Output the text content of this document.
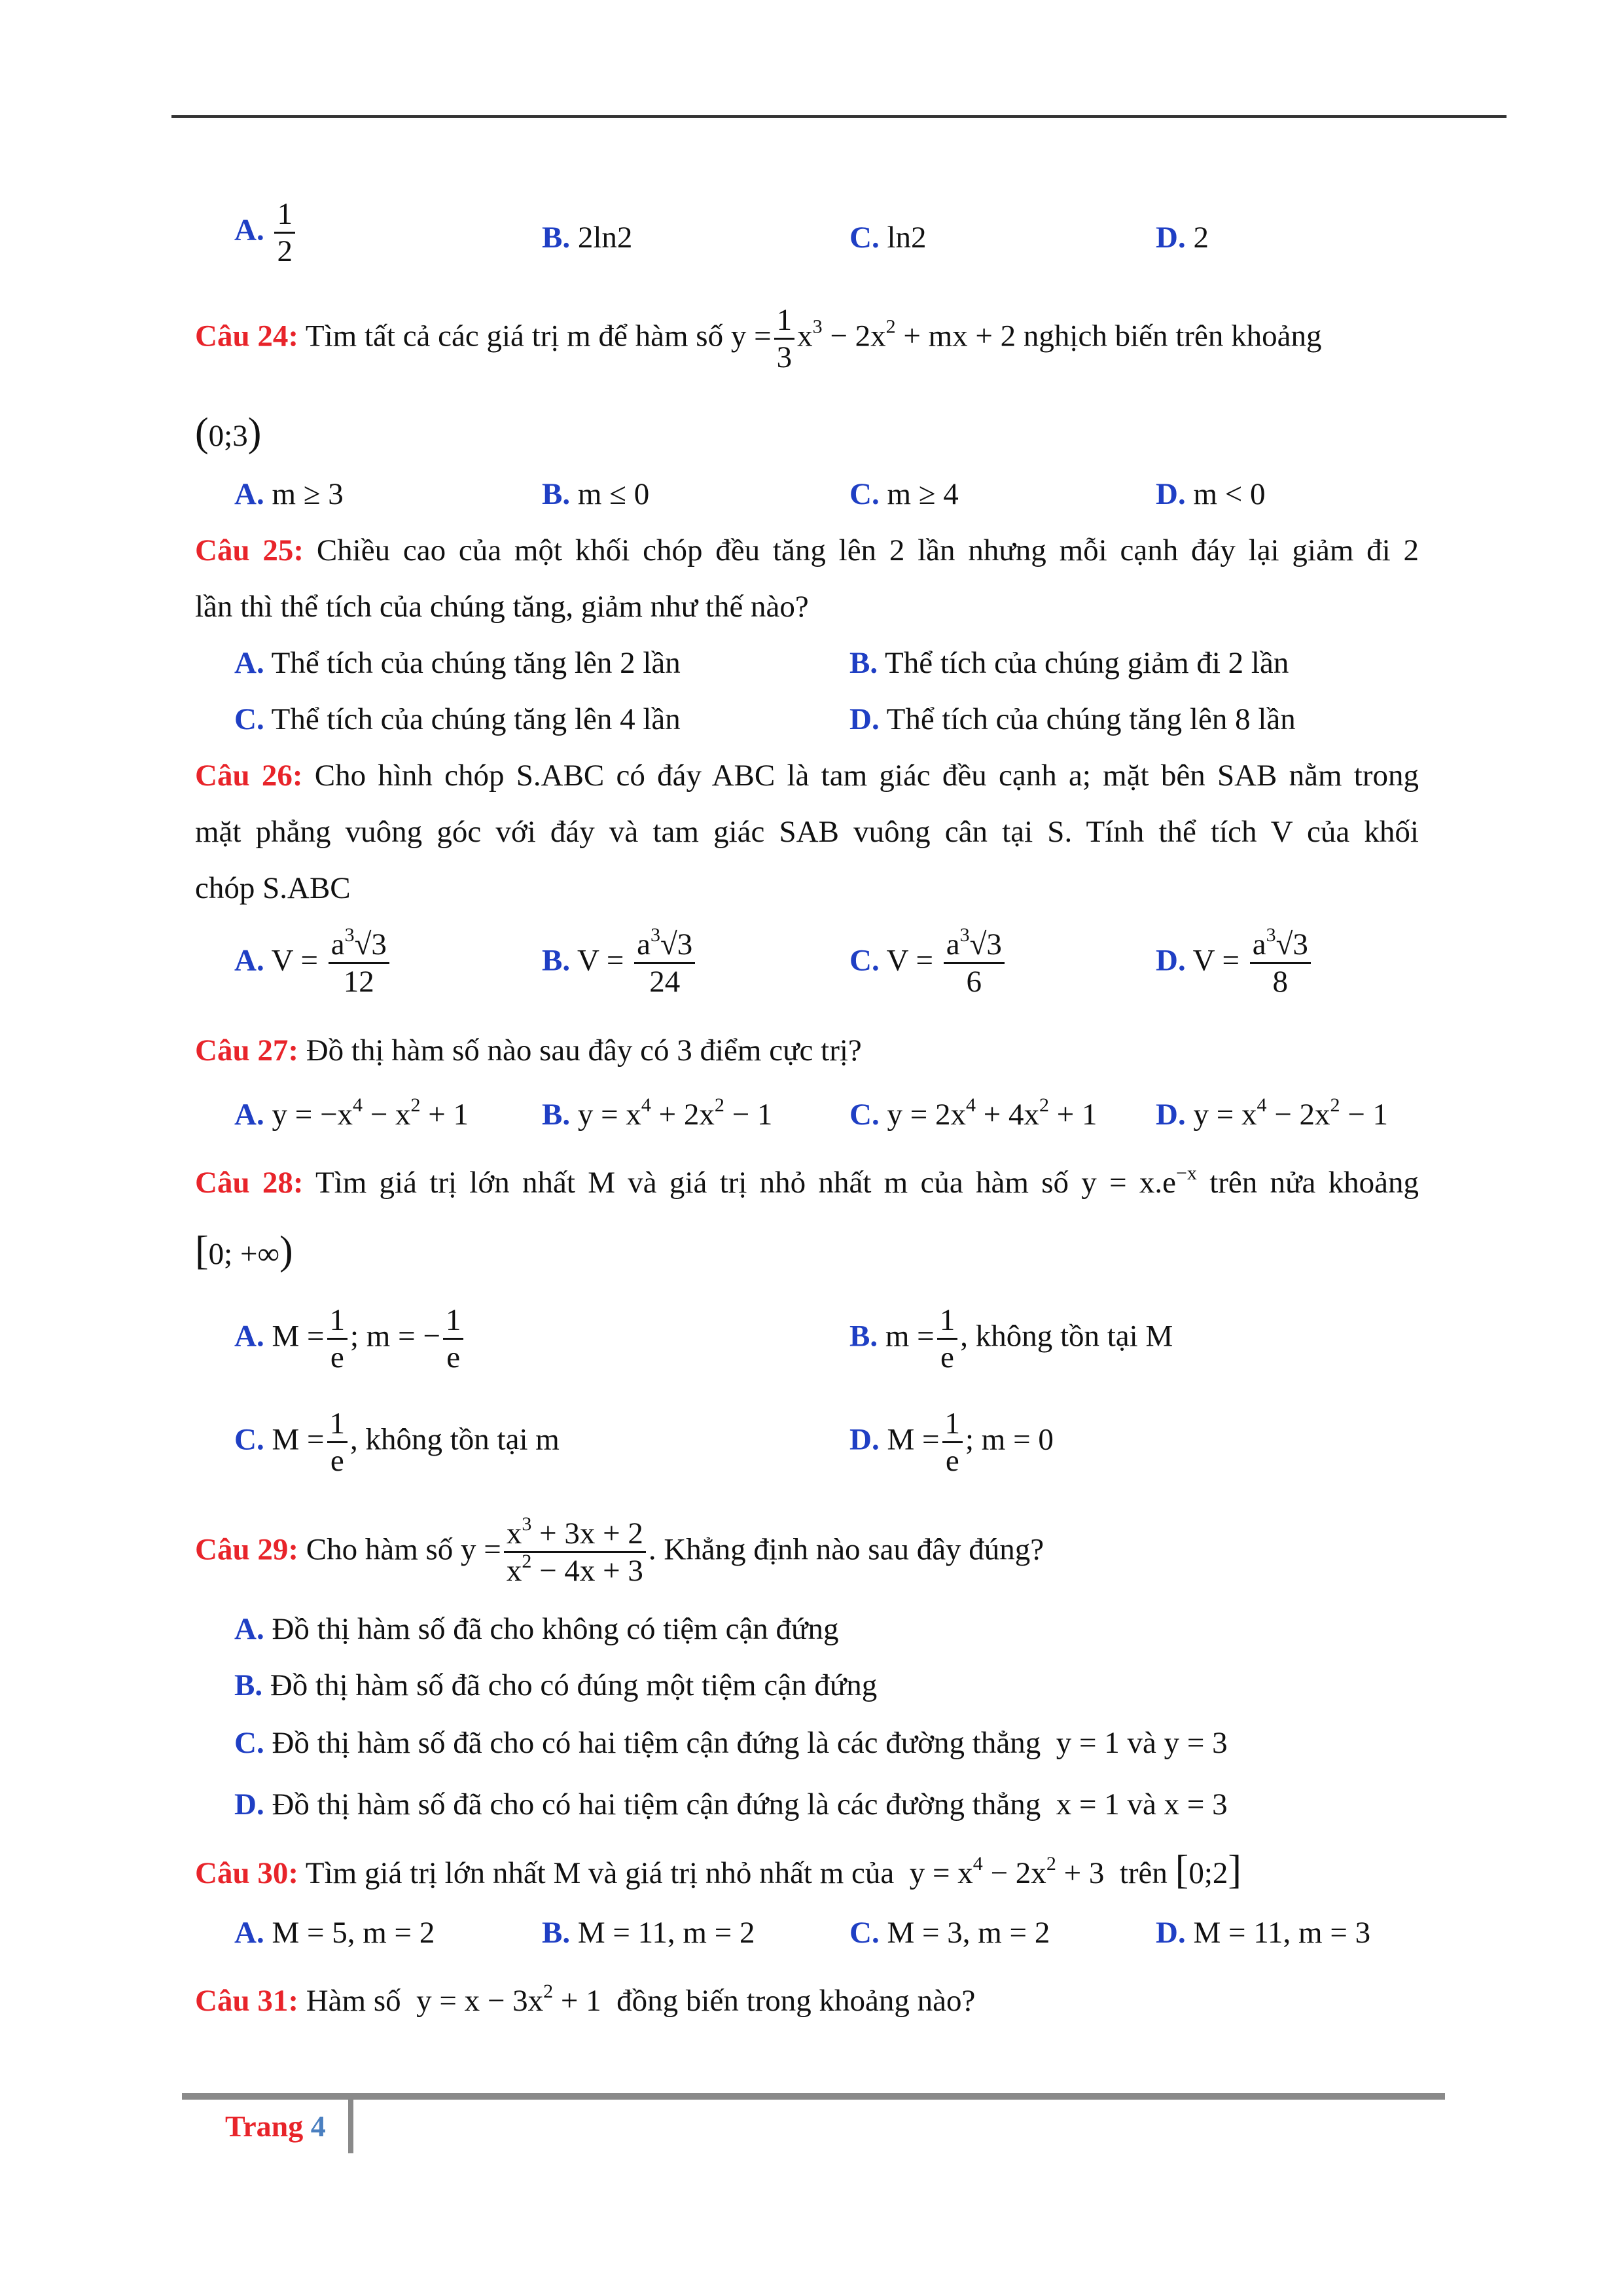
A. $\frac{1}{2}$	B. 2ln2	C. ln2	D. 2
Câu 24: Tìm tất cả các giá trị m để hàm số $y = \frac{1}{3} x^3 - 2x^2$ + mx + 2 nghịch biến trên khoảng
(0;3)
A. m ≥ 3	B. m ≤ 0	C. m ≥ 4	D. m < 0
Câu 25: Chiều cao của một khối chóp đều tăng lên 2 lần nhưng mỗi cạnh đáy lại giảm đi 2
lần thì thể tích của chúng tăng, giảm như thế nào?
A. Thể tích của chúng tăng lên 2 lần	B. Thể tích của chúng giảm đi 2 lần
C. Thể tích của chúng tăng lên 4 lần	D. Thể tích của chúng tăng lên 8 lần
Câu 26: Cho hình chóp S.ABC có đáy ABC là tam giác đều cạnh a; mặt bên SAB nằm trong
mặt phẳng vuông góc với đáy và tam giác SAB vuông cân tại S. Tính thể tích V của khối
chóp S.ABC
A. $V = \frac{a^3√3}{12}$	B. $V = \frac{a^3√3}{24}$	C. $V = \frac{a^3√3}{6}$	D. $V = \frac{a^3√3}{8}$
Câu 27: Đồ thị hàm số nào sau đây có 3 điểm cực trị?
A. $y = -x^4 - x^2 + 1$ B. $y = x^4 + 2x^2 - 1$	C. $y = 2x^4 + 4x^2 + 1$ D. $y = x^4 - 2x^2 - 1$
Câu 28: Tìm giá trị lớn nhất M và giá trị nhỏ nhất m của hàm số $y = x.e^{-x}$ trên nửa khoảng
[0; +∞)
A. $M = \frac{1}{e}$ ; m = − $\frac{1}{e}$	B. $m = \frac{1}{e}$ , không tồn tại M
C. $M = \frac{1}{e}$ , không tồn tại m	D. $M = \frac{1}{e}$ ; m = 0
Câu 29: Cho hàm số $y = \frac{x^3 + 3x + 2}{x^2 - 4x + 3}$ . Khẳng định nào sau đây đúng?
A. Đồ thị hàm số đã cho không có tiệm cận đứng
B. Đồ thị hàm số đã cho có đúng một tiệm cận đứng
C. Đồ thị hàm số đã cho có hai tiệm cận đứng là các đường thẳng y = 1 và y = 3
D. Đồ thị hàm số đã cho có hai tiệm cận đứng là các đường thẳng x = 1 và x = 3
Câu 30: Tìm giá trị lớn nhất M và giá trị nhỏ nhất m của $y = x^4 - 2x^2 + 3$ trên [0;2]
A. M = 5, m = 2	B. M = 11, m = 2	C. M = 3, m = 2	D. M = 11, m = 3
Câu 31: Hàm số $y = x - 3x^2 + 1$ đồng biến trong khoảng nào?
Trang 4
